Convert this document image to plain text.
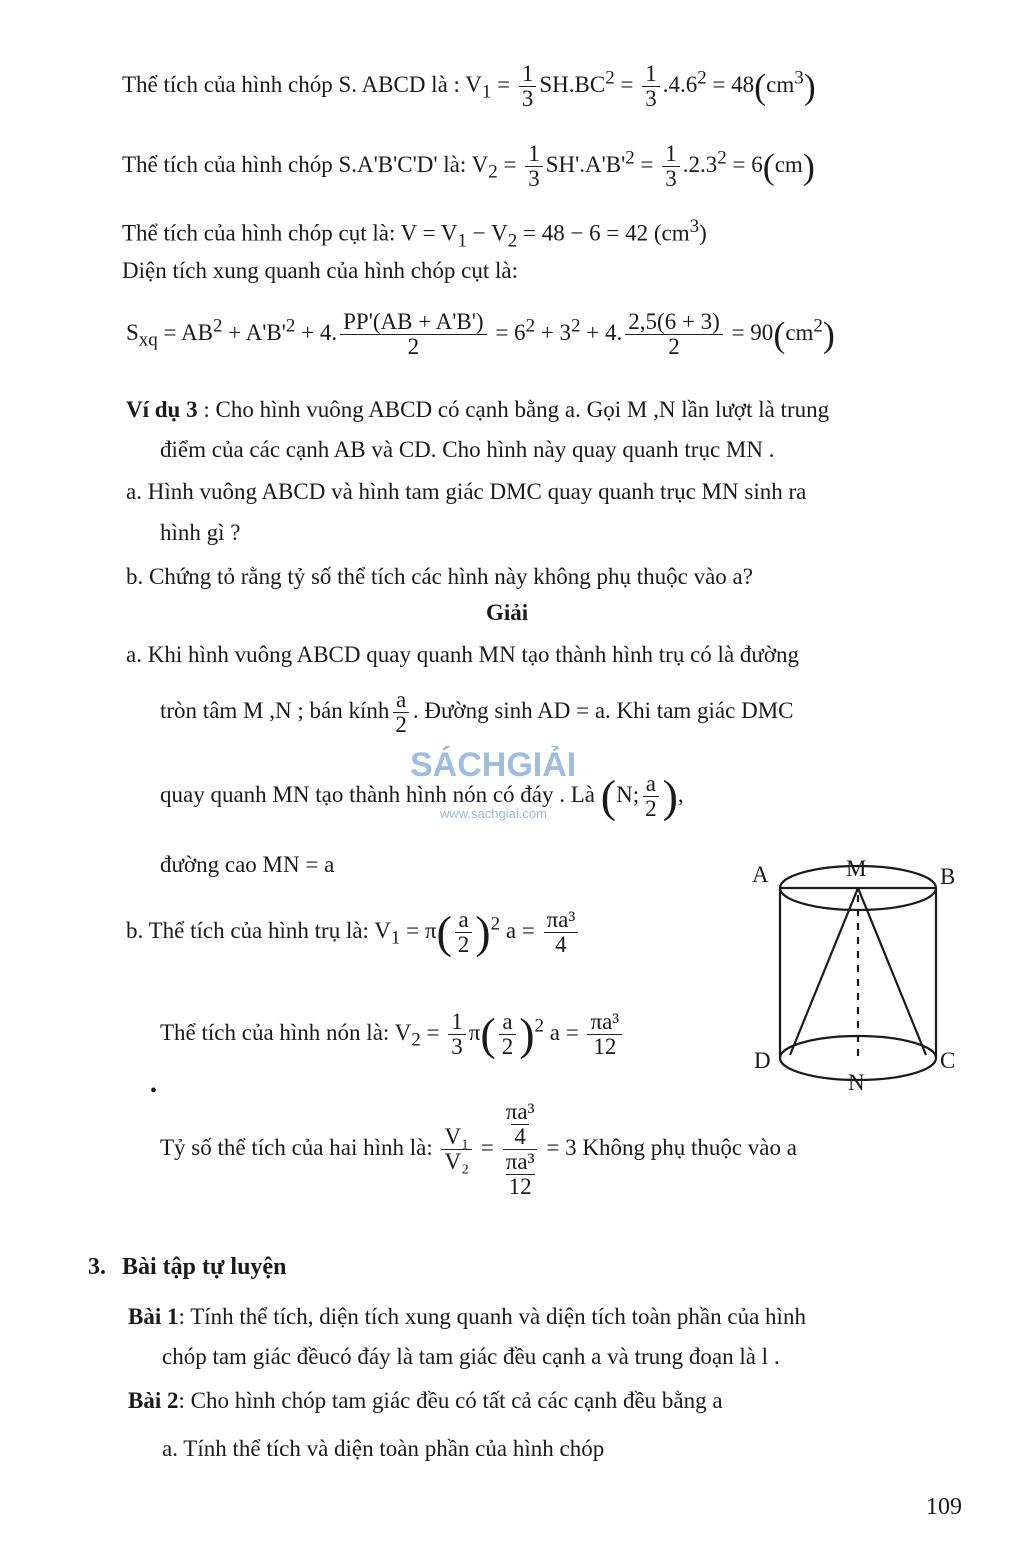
Thể tích của hình chóp S. ABCD là : $V_1 = \frac{1}{3} SH.BC^2 = \frac{1}{3} .4.6^2 = 48(cm^3)$
Thể tích của hình chóp S.A'B'C'D' là: $V_2 = \frac{1}{3} SH'.A'B'^2 = \frac{1}{3} .2.3^2 = 6(cm)$
Thể tích của hình chóp cụt là: $V = V_1 - V_2 = 48 - 6 = 42$ $(cm^3)$
Diện tích xung quanh của hình chóp cụt là:
$S_{xq} = AB^2 + A'B'^2 + 4$. $\frac{PP'(AB + A'B')}{2} = 6^2 + 3^2 + 4$. $\frac{2,5(6 + 3)}{2} = 90(cm^2)$
Ví dụ 3 : Cho hình vuông ABCD có cạnh bằng a. Gọi M ,N lần lượt là trung
điểm của các cạnh AB và CD. Cho hình này quay quanh trục MN .
a. Hình vuông ABCD và hình tam giác DMC quay quanh trục MN sinh ra
hình gì ?
b. Chứng tỏ rằng tỷ số thể tích các hình này không phụ thuộc vào a?
Giải
a. Khi hình vuông ABCD quay quanh MN tạo thành hình trụ có là đường
tròn tâm M ,N ; bán kính $\frac{a}{2}$ . Đường sinh AD = a. Khi tam giác DMC
SÁCHGIẢI
www.sachgiai.com
quay quanh MN tạo thành hình nón có đáy . Là (N; $\frac{a}{2}$ ),
đường cao MN = a
b. Thể tích của hình trụ là: $V_1 = \pi( \frac{a}{2} )^2$ $a = \frac{\text{πa³}}{4}$
Thể tích của hình nón là: $V_2 = \frac{1}{3} \pi( \frac{a}{2} )^2$ $a = \frac{\text{πa³}}{12}$
•
Tỷ số thể tích của hai hình là: $\frac{\text{V₁}}{\text{V₂}} = \frac{\frac{\text{πa³}}{4}}{\frac{\text{πa³}}{12}} = 3$ Không phụ thuộc vào a
A	M	B
D
N
C
3. Bài tập tự luyện
Bài 1: Tính thể tích, diện tích xung quanh và diện tích toàn phần của hình
chóp tam giác đềucó đáy là tam giác đều cạnh a và trung đoạn là l .
Bài 2: Cho hình chóp tam giác đều có tất cả các cạnh đều bằng a
a. Tính thể tích và diện toàn phần của hình chóp
109
